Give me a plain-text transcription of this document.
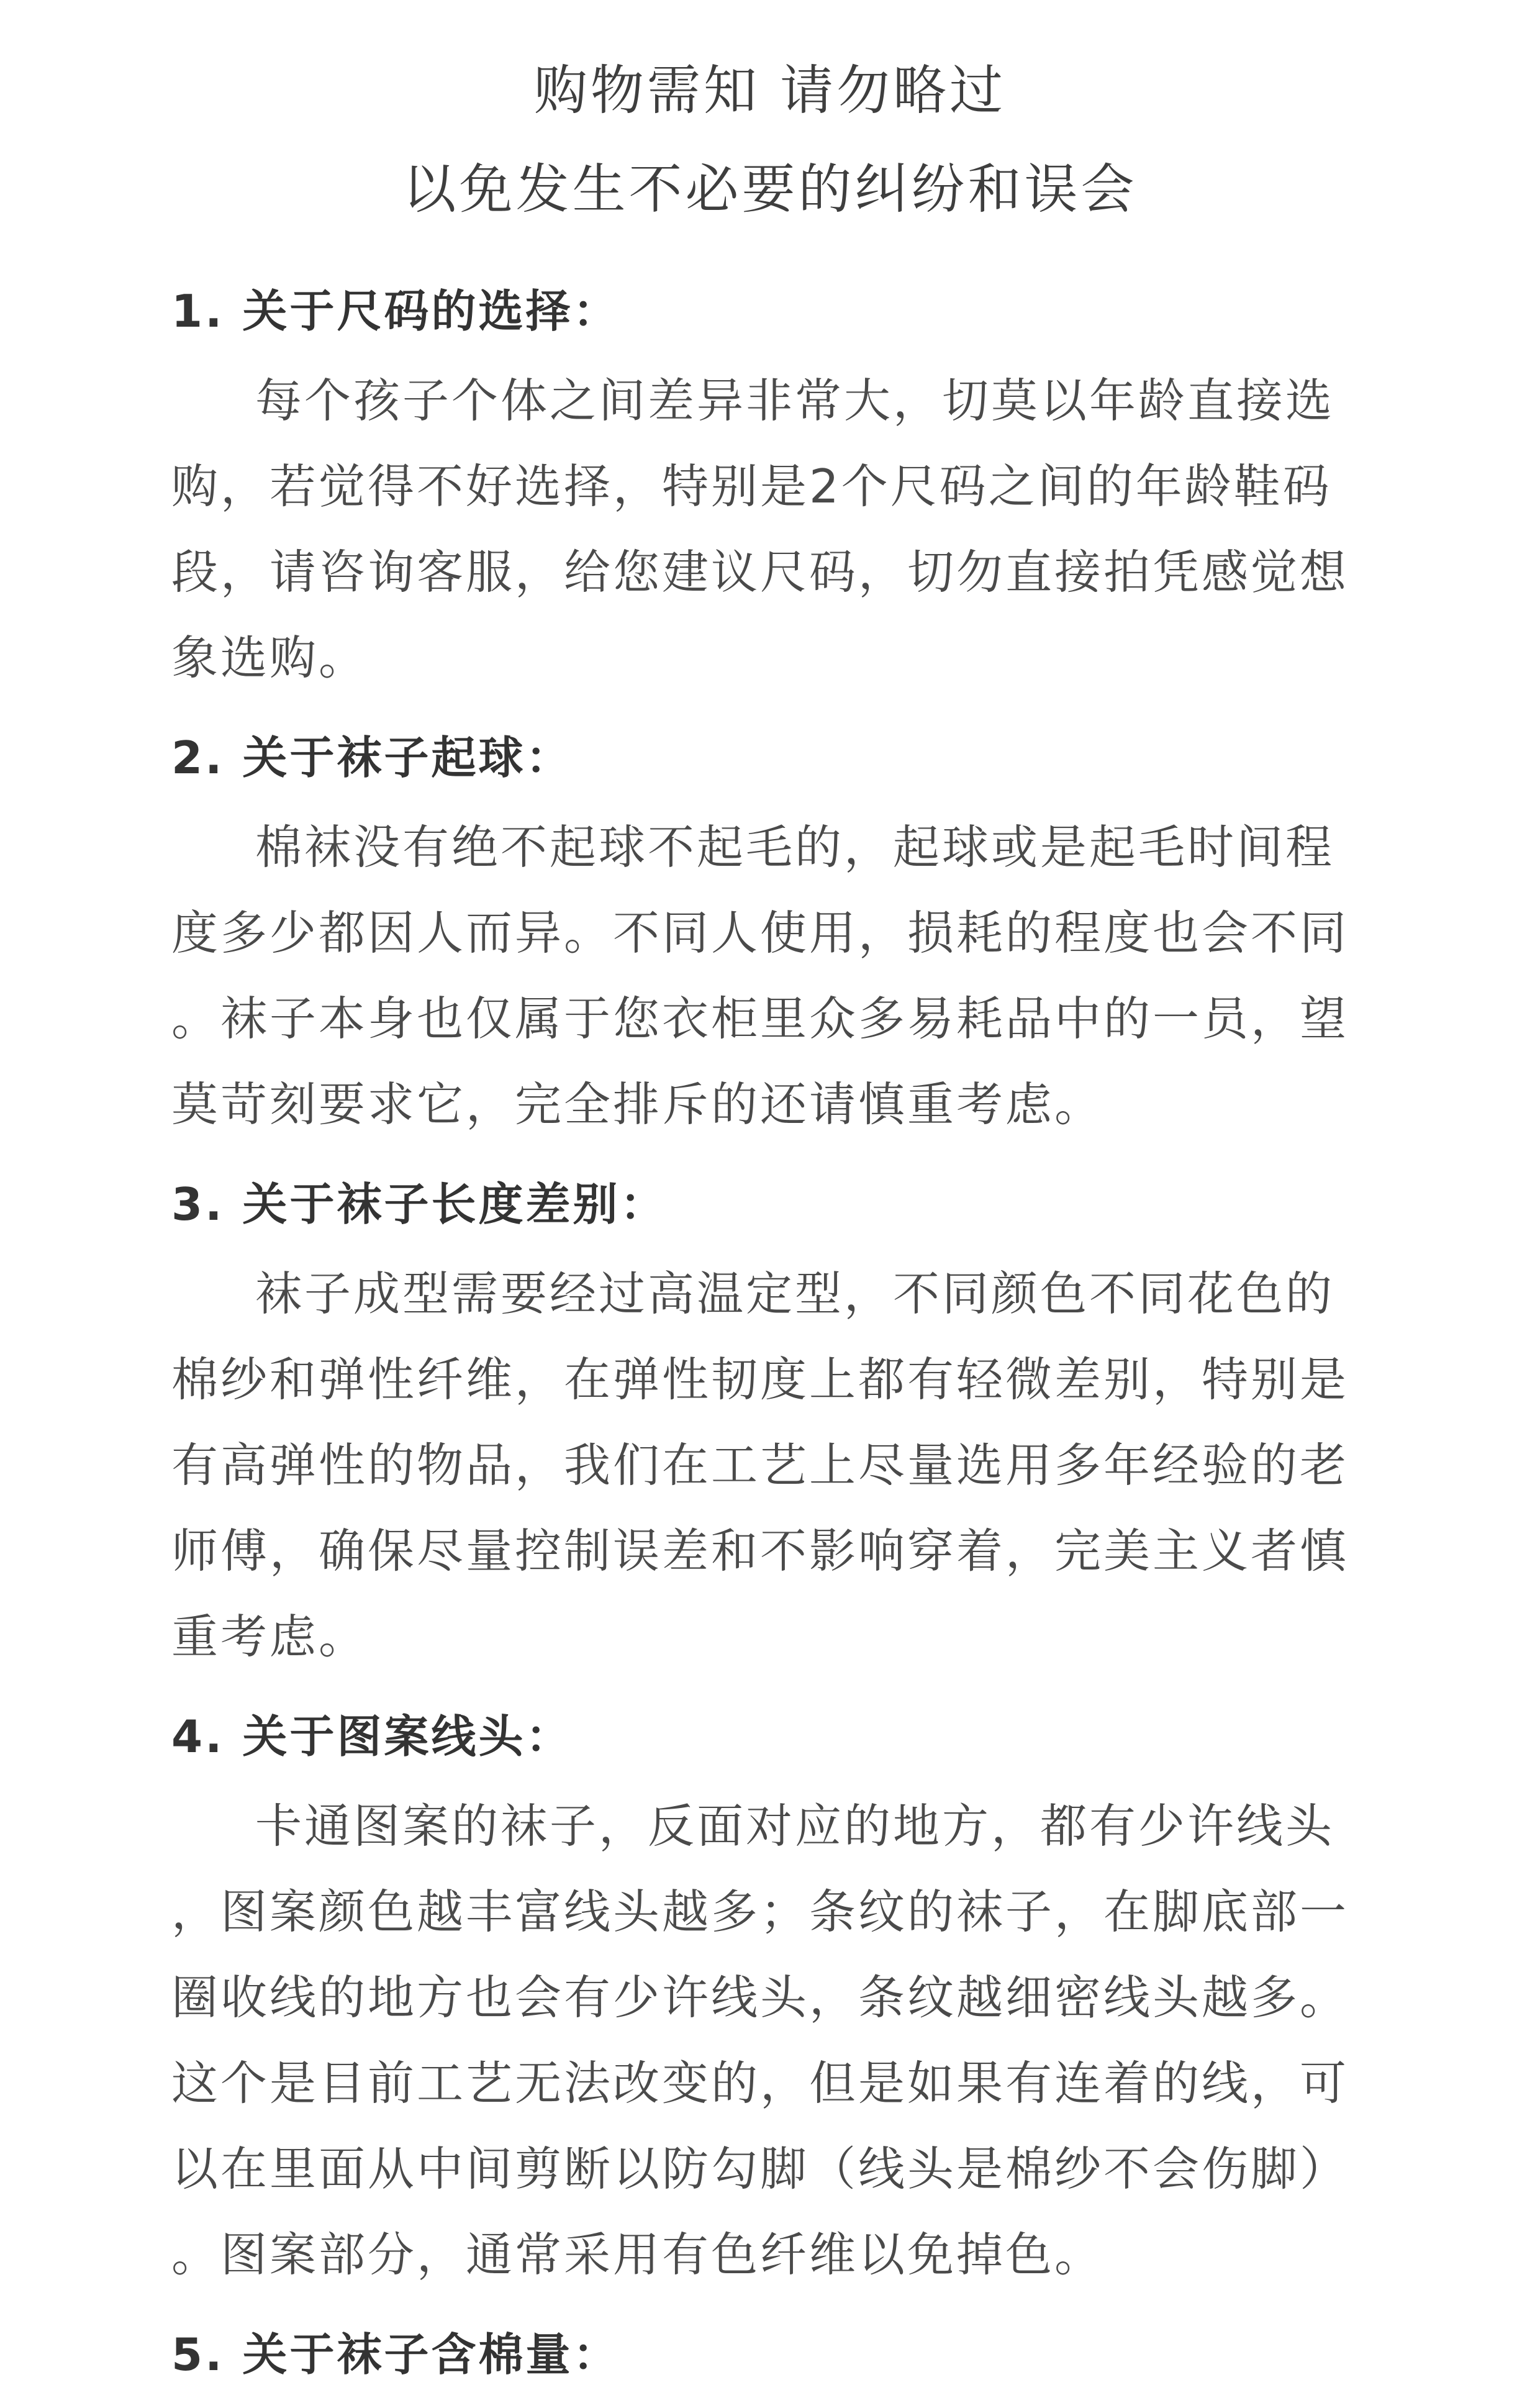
购物需知 请勿略过
以免发生不必要的纠纷和误会
1. 关于尺码的选择：
每个孩子个体之间差异非常大，切莫以年龄直接选
购，若觉得不好选择，特别是2个尺码之间的年龄鞋码
段，请咨询客服，给您建议尺码，切勿直接拍凭感觉想
象选购。
2. 关于袜子起球：
棉袜没有绝不起球不起毛的，起球或是起毛时间程
度多少都因人而异。不同人使用，损耗的程度也会不同
。袜子本身也仅属于您衣柜里众多易耗品中的一员，望
莫苛刻要求它，完全排斥的还请慎重考虑。
3. 关于袜子长度差别：
袜子成型需要经过高温定型，不同颜色不同花色的
棉纱和弹性纤维，在弹性韧度上都有轻微差别，特别是
有高弹性的物品，我们在工艺上尽量选用多年经验的老
师傅，确保尽量控制误差和不影响穿着，完美主义者慎
重考虑。
4. 关于图案线头：
卡通图案的袜子，反面对应的地方，都有少许线头
，图案颜色越丰富线头越多；条纹的袜子，在脚底部一
圈收线的地方也会有少许线头，条纹越细密线头越多。
这个是目前工艺无法改变的，但是如果有连着的线，可
以在里面从中间剪断以防勾脚（线头是棉纱不会伤脚）
。图案部分，通常采用有色纤维以免掉色。
5. 关于袜子含棉量：
